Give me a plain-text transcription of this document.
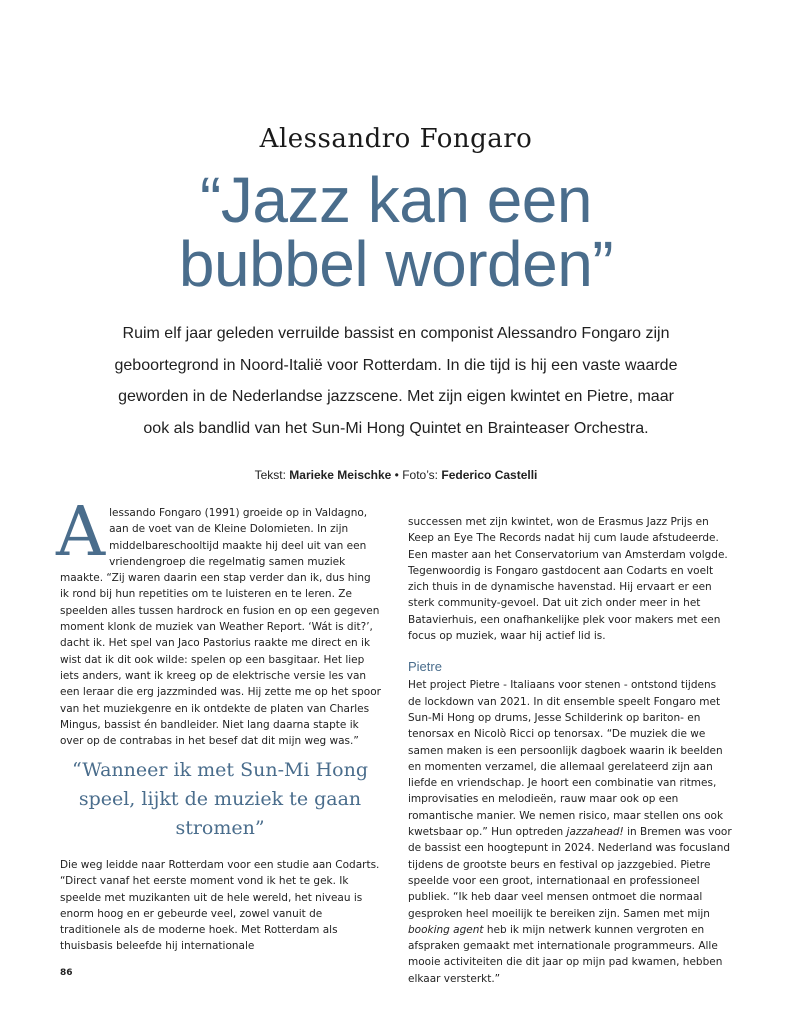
Alessandro Fongaro
“Jazz kan een
bubbel worden”
Ruim elf jaar geleden verruilde bassist en componist Alessandro Fongaro zijn geboortegrond in Noord-Italië voor Rotterdam. In die tijd is hij een vaste waarde geworden in de Nederlandse jazzscene. Met zijn eigen kwintet en Pietre, maar ook als bandlid van het Sun-Mi Hong Quintet en Brainteaser Orchestra.
Tekst: Marieke Meischke • Foto’s: Federico Castelli
A lessando Fongaro (1991) groeide op in Valdagno, aan de voet van de Kleine Dolomieten. In zijn middelbareschooltijd maakte hij deel uit van een vriendengroep die regelmatig samen muziek maakte. “Zij waren daarin een stap verder dan ik, dus hing ik rond bij hun repetities om te luisteren en te leren. Ze speelden alles tussen hardrock en fusion en op een gegeven moment klonk de muziek van Weather Report. ‘Wát is dit?’, dacht ik. Het spel van Jaco Pastorius raakte me direct en ik wist dat ik dit ook wilde: spelen op een basgitaar. Het liep iets anders, want ik kreeg op de elektrische versie les van een leraar die erg jazzminded was. Hij zette me op het spoor van het muziekgenre en ik ontdekte de platen van Charles Mingus, bassist én bandleider. Niet lang daarna stapte ik over op de contrabas in het besef dat dit mijn weg was.”

“Wanneer ik met Sun-Mi Hong speel, lijkt de muziek te gaan stromen”

Die weg leidde naar Rotterdam voor een studie aan Codarts. “Direct vanaf het eerste moment vond ik het te gek. Ik speelde met muzikanten uit de hele wereld, het niveau is enorm hoog en er gebeurde veel, zowel vanuit de traditionele als de moderne hoek. Met Rotterdam als thuisbasis beleefde hij internationale

successen met zijn kwintet, won de Erasmus Jazz Prijs en Keep an Eye The Records nadat hij cum laude afstudeerde. Een master aan het Conservatorium van Amsterdam volgde. Tegenwoordig is Fongaro gastdocent aan Codarts en voelt zich thuis in de dynamische havenstad. Hij ervaart er een sterk community-gevoel. Dat uit zich onder meer in het Batavierhuis, een onafhankelijke plek voor makers met een focus op muziek, waar hij actief lid is.

Pietre

Het project Pietre - Italiaans voor stenen - ontstond tijdens de lockdown van 2021. In dit ensemble speelt Fongaro met Sun-Mi Hong op drums, Jesse Schilderink op bariton- en tenorsax en Nicolò Ricci op tenorsax. “De muziek die we samen maken is een persoonlijk dagboek waarin ik beelden en momenten verzamel, die allemaal gerelateerd zijn aan liefde en vriendschap. Je hoort een combinatie van ritmes, improvisaties en melodieën, rauw maar ook op een romantische manier. We nemen risico, maar stellen ons ook kwetsbaar op.” Hun optreden jazzahead! in Bremen was voor de bassist een hoogtepunt in 2024. Nederland was focusland tijdens de grootste beurs en festival op jazzgebied. Pietre speelde voor een groot, internationaal en professioneel publiek. “Ik heb daar veel mensen ontmoet die normaal gesproken heel moeilijk te bereiken zijn. Samen met mijn booking agent heb ik mijn netwerk kunnen vergroten en afspraken gemaakt met internationale programmeurs. Alle mooie activiteiten die dit jaar op mijn pad kwamen, hebben elkaar versterkt.”

86
